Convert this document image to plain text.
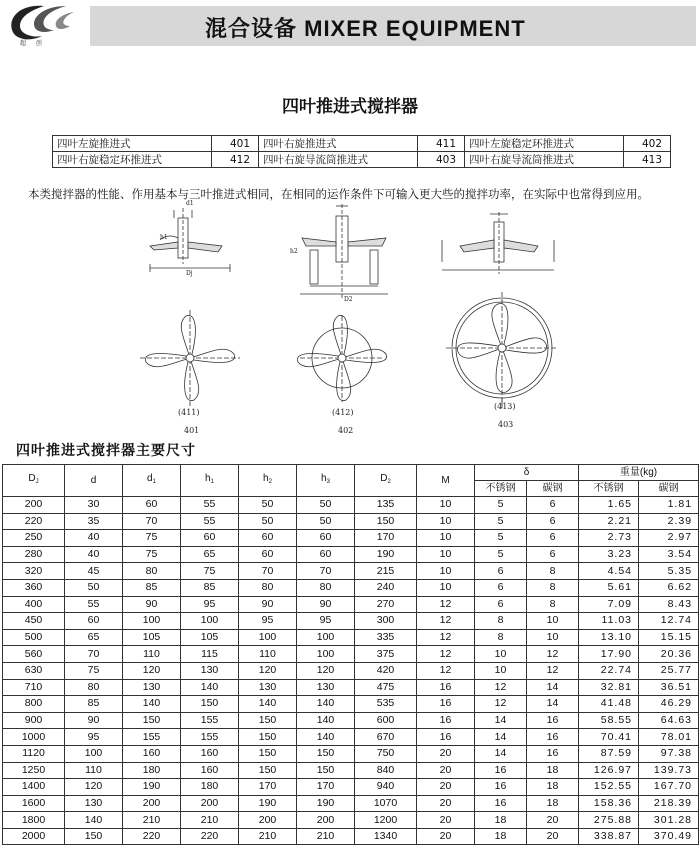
超 创
混合设备 MIXER EQUIPMENT
四叶推进式搅拌器
四叶左旋推进式	401	四叶右旋推进式	411	四叶左旋稳定环推进式	402
四叶右旋稳定环推进式	412	四叶右旋导流筒推进式	403	四叶右旋导流筒推进式	413
本类搅拌器的性能、作用基本与三叶推进式相同，在相同的运作条件下可输入更大些的搅拌功率，在实际中也常得到应用。
(411)
401
(412)
402
(413)
403
h1
h2
d1
Dj
D2
四叶推进式搅拌器主要尺寸
$D_J$	d	$d_1$	$h_1$	$h_2$	$h_3$	$D_2$	M	δ		重量(kg)	
								不锈钢	碳钢	不锈钢	碳钢
200	30	60	55	50	50	135	10	5	6	1.65	1.81
220	35	70	55	50	50	150	10	5	6	2.21	2.39
250	40	75	60	60	60	170	10	5	6	2.73	2.97
280	40	75	65	60	60	190	10	5	6	3.23	3.54
320	45	80	75	70	70	215	10	6	8	4.54	5.35
360	50	85	85	80	80	240	10	6	8	5.61	6.62
400	55	90	95	90	90	270	12	6	8	7.09	8.43
450	60	100	100	95	95	300	12	8	10	11.03	12.74
500	65	105	105	100	100	335	12	8	10	13.10	15.15
560	70	110	115	110	100	375	12	10	12	17.90	20.36
630	75	120	130	120	120	420	12	10	12	22.74	25.77
710	80	130	140	130	130	475	16	12	14	32.81	36.51
800	85	140	150	140	140	535	16	12	14	41.48	46.29
900	90	150	155	150	140	600	16	14	16	58.55	64.63
1000	95	155	155	150	140	670	16	14	16	70.41	78.01
1120	100	160	160	150	150	750	20	14	16	87.59	97.38
1250	110	180	160	150	150	840	20	16	18	126.97	139.73
1400	120	190	180	170	170	940	20	16	18	152.55	167.70
1600	130	200	200	190	190	1070	20	16	18	158.36	218.39
1800	140	210	210	200	200	1200	20	18	20	275.88	301.28
2000	150	220	220	210	210	1340	20	18	20	338.87	370.49
